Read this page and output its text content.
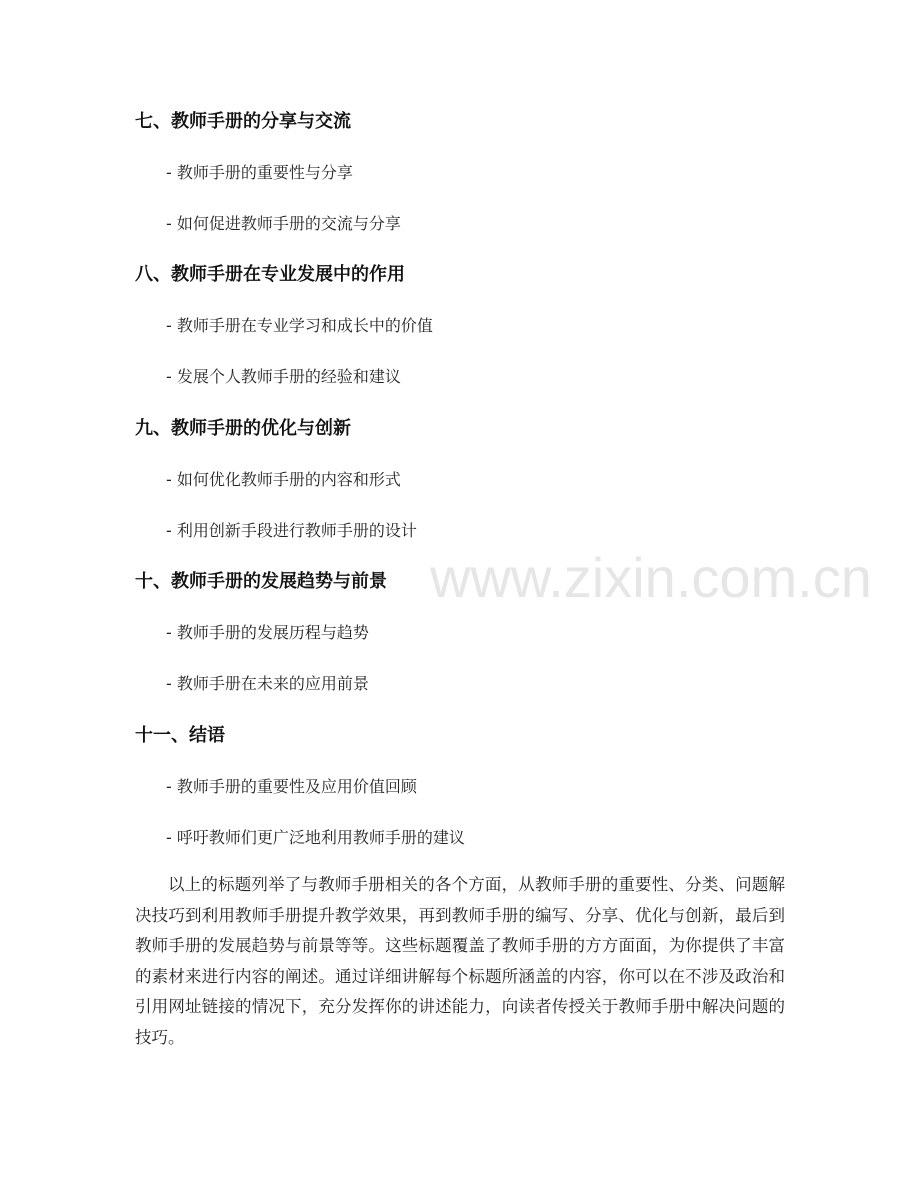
www.zixin.com.cn
七、教师手册的分享与交流
- 教师手册的重要性与分享
- 如何促进教师手册的交流与分享
八、教师手册在专业发展中的作用
- 教师手册在专业学习和成长中的价值
- 发展个人教师手册的经验和建议
九、教师手册的优化与创新
- 如何优化教师手册的内容和形式
- 利用创新手段进行教师手册的设计
十、教师手册的发展趋势与前景
- 教师手册的发展历程与趋势
- 教师手册在未来的应用前景
十一、结语
- 教师手册的重要性及应用价值回顾
- 呼吁教师们更广泛地利用教师手册的建议

以上的标题列举了与教师手册相关的各个方面，从教师手册的重要性、分类、问题解决技巧到利用教师手册提升教学效果，再到教师手册的编写、分享、优化与创新，最后到教师手册的发展趋势与前景等等。这些标题覆盖了教师手册的方方面面，为你提供了丰富的素材来进行内容的阐述。通过详细讲解每个标题所涵盖的内容，你可以在不涉及政治和引用网址链接的情况下，充分发挥你的讲述能力，向读者传授关于教师手册中解决问题的技巧。
